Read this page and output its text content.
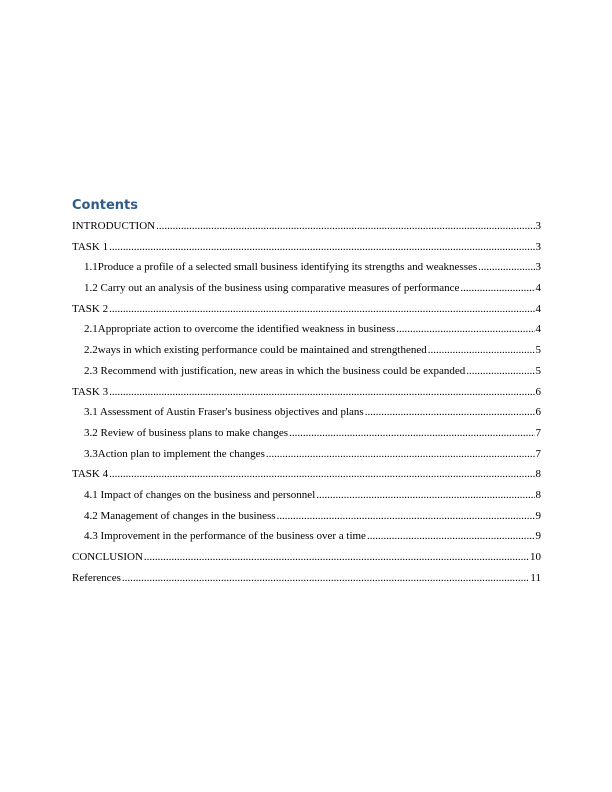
Contents
INTRODUCTION .....	3
TASK 1 .....	3
1.1Produce a profile of a selected small business identifying its strengths and weaknesses .....	3
1.2 Carry out an analysis of the business using comparative measures of performance .....	4
TASK 2 .....	4
2.1Appropriate action to overcome the identified weakness in business .....	4
2.2ways in which existing performance could be maintained and strengthened .....	5
2.3 Recommend with justification, new areas in which the business could be expanded .....	5
TASK 3 .....	6
3.1 Assessment of Austin Fraser's business objectives and plans .....	6
3.2 Review of business plans to make changes .....	7
3.3Action plan to implement the changes .....	7
TASK 4 .....	8
4.1 Impact of changes on the business and personnel .....	8
4.2 Management of changes in the business .....	9
4.3 Improvement in the performance of the business over a time .....	9
CONCLUSION .....	10
References .....	11
